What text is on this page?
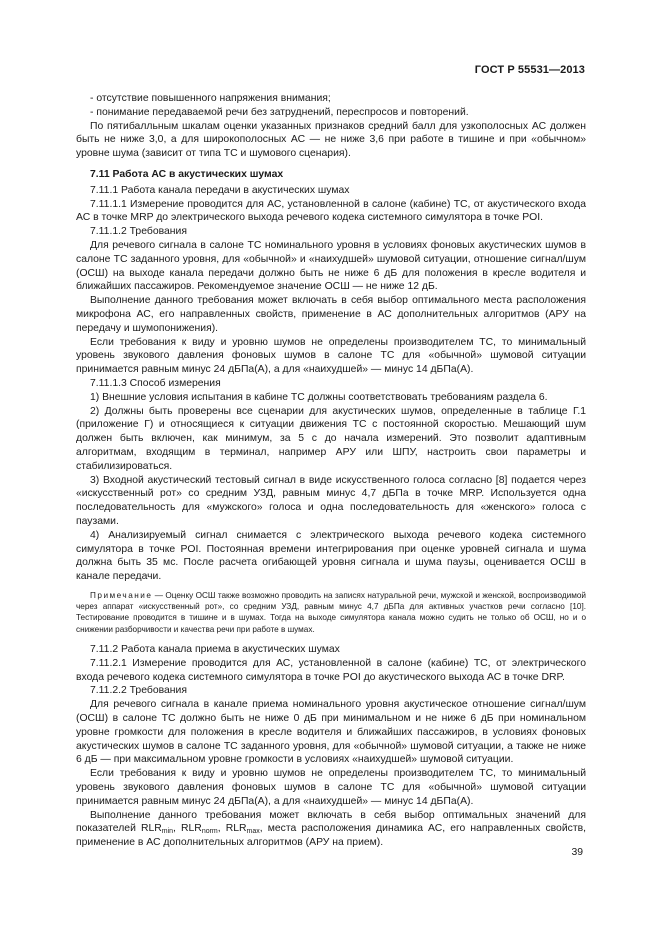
ГОСТ Р 55531—2013

- отсутствие повышенного напряжения внимания;

- понимание передаваемой речи без затруднений, переспросов и повторений.

По пятибалльным шкалам оценки указанных признаков средний балл для узкополосных АС должен быть не ниже 3,0, а для широкополосных АС — не ниже 3,6 при работе в тишине и при «обычном» уровне шума (зависит от типа ТС и шумового сценария).

7.11 Работа АС в акустических шумах

7.11.1 Работа канала передачи в акустических шумах

7.11.1.1 Измерение проводится для АС, установленной в салоне (кабине) ТС, от акустического входа АС в точке MRP до электрического выхода речевого кодека системного симулятора в точке POI.

7.11.1.2 Требования

Для речевого сигнала в салоне ТС номинального уровня в условиях фоновых акустических шумов в салоне ТС заданного уровня, для «обычной» и «наихудшей» шумовой ситуации, отношение сигнал/шум (ОСШ) на выходе канала передачи должно быть не ниже 6 дБ для положения в кресле водителя и ближайших пассажиров. Рекомендуемое значение ОСШ — не ниже 12 дБ.

Выполнение данного требования может включать в себя выбор оптимального места расположения микрофона АС, его направленных свойств, применение в АС дополнительных алгоритмов (АРУ на передачу и шумопонижения).

Если требования к виду и уровню шумов не определены производителем ТС, то минимальный уровень звукового давления фоновых шумов в салоне ТС для «обычной» шумовой ситуации принимается равным минус 24 дБПа(А), а для «наихудшей» — минус 14 дБПа(А).

7.11.1.3 Способ измерения

1) Внешние условия испытания в кабине ТС должны соответствовать требованиям раздела 6.

2) Должны быть проверены все сценарии для акустических шумов, определенные в таблице Г.1 (приложение Г) и относящиеся к ситуации движения ТС с постоянной скоростью. Мешающий шум должен быть включен, как минимум, за 5 с до начала измерений. Это позволит адаптивным алгоритмам, входящим в терминал, например АРУ или ШПУ, настроить свои параметры и стабилизироваться.

3) Входной акустический тестовый сигнал в виде искусственного голоса согласно [8] подается через «искусственный рот» со средним УЗД, равным минус 4,7 дБПа в точке MRP. Используется одна последовательность для «мужского» голоса и одна последовательность для «женского» голоса с паузами.

4) Анализируемый сигнал снимается с электрического выхода речевого кодека системного симулятора в точке POI. Постоянная времени интегрирования при оценке уровней сигнала и шума должна быть 35 мс. После расчета огибающей уровня сигнала и шума паузы, оценивается ОСШ в канале передачи.

Примечание — Оценку ОСШ также возможно проводить на записях натуральной речи, мужской и женской, воспроизводимой через аппарат «искусственный рот», со средним УЗД, равным минус 4,7 дБПа для активных участков речи согласно [10]. Тестирование проводится в тишине и в шумах. Тогда на выходе симулятора канала можно судить не только об ОСШ, но и о снижении разборчивости и качества речи при работе в шумах.

7.11.2 Работа канала приема в акустических шумах

7.11.2.1 Измерение проводится для АС, установленной в салоне (кабине) ТС, от электрического входа речевого кодека системного симулятора в точке POI до акустического выхода АС в точке DRP.

7.11.2.2 Требования

Для речевого сигнала в канале приема номинального уровня акустическое отношение сигнал/шум (ОСШ) в салоне ТС должно быть не ниже 0 дБ при минимальном и не ниже 6 дБ при номинальном уровне громкости для положения в кресле водителя и ближайших пассажиров, в условиях фоновых акустических шумов в салоне ТС заданного уровня, для «обычной» шумовой ситуации, а также не ниже 6 дБ — при максимальном уровне громкости в условиях «наихудшей» шумовой ситуации.

Если требования к виду и уровню шумов не определены производителем ТС, то минимальный уровень звукового давления фоновых шумов в салоне ТС для «обычной» шумовой ситуации принимается равным минус 24 дБПа(А), а для «наихудшей» — минус 14 дБПа(А).

Выполнение данного требования может включать в себя выбор оптимальных значений для показателей $RLR_{min}$, $RLR_{norm}$, $RLR_{max}$, места расположения динамика АС, его направленных свойств, применение в АС дополнительных алгоритмов (АРУ на прием).

39
